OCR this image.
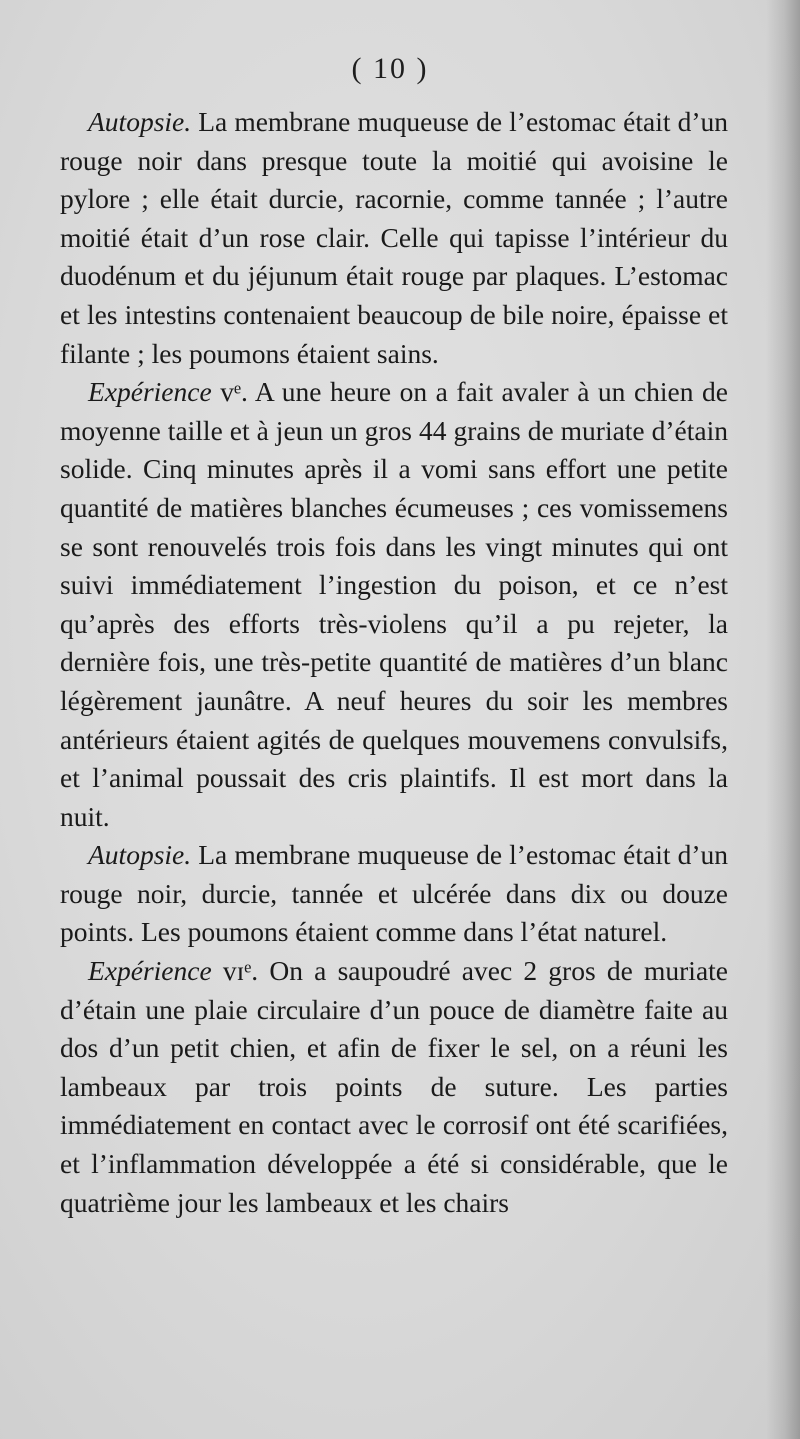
( 10 )

Autopsie. La membrane muqueuse de l’estomac était d’un rouge noir dans presque toute la moitié qui avoisine le pylore ; elle était durcie, racornie, comme tannée ; l’autre moitié était d’un rose clair. Celle qui tapisse l’intérieur du duodénum et du jéjunum était rouge par plaques. L’estomac et les intestins contenaient beaucoup de bile noire, épaisse et filante ; les poumons étaient sains.

Expérience vᵉ. A une heure on a fait avaler à un chien de moyenne taille et à jeun un gros 44 grains de muriate d’étain solide. Cinq minutes après il a vomi sans effort une petite quantité de matières blanches écumeuses ; ces vomissemens se sont renouvelés trois fois dans les vingt minutes qui ont suivi immédiatement l’ingestion du poison, et ce n’est qu’après des efforts très-violens qu’il a pu rejeter, la dernière fois, une très-petite quantité de matières d’un blanc légèrement jaunâtre. A neuf heures du soir les membres antérieurs étaient agités de quelques mouvemens convulsifs, et l’animal poussait des cris plaintifs. Il est mort dans la nuit.

Autopsie. La membrane muqueuse de l’estomac était d’un rouge noir, durcie, tannée et ulcérée dans dix ou douze points. Les poumons étaient comme dans l’état naturel.

Expérience vɪᵉ. On a saupoudré avec 2 gros de muriate d’étain une plaie circulaire d’un pouce de diamètre faite au dos d’un petit chien, et afin de fixer le sel, on a réuni les lambeaux par trois points de suture. Les parties immédiatement en contact avec le corrosif ont été scarifiées, et l’inflammation développée a été si considérable, que le quatrième jour les lambeaux et les chairs
